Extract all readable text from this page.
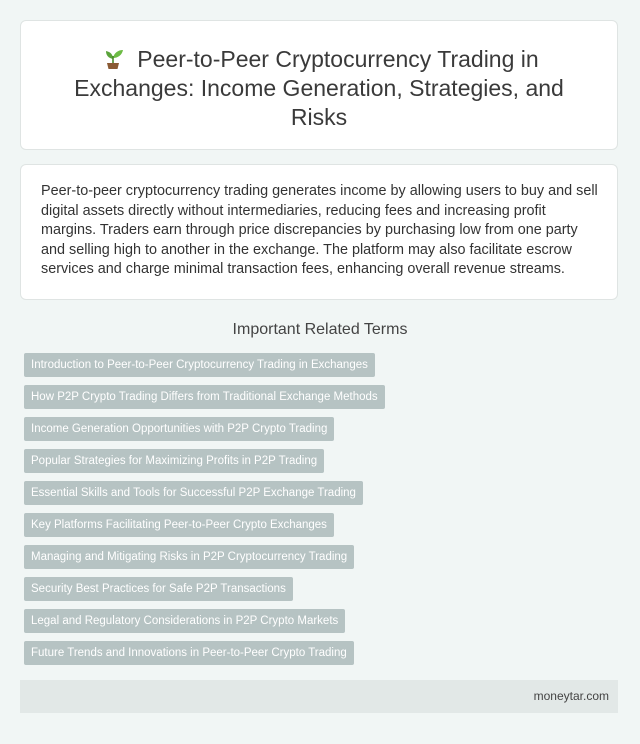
Peer-to-Peer Cryptocurrency Trading in Exchanges: Income Generation, Strategies, and Risks

Peer-to-peer cryptocurrency trading generates income by allowing users to buy and sell digital assets directly without intermediaries, reducing fees and increasing profit margins. Traders earn through price discrepancies by purchasing low from one party and selling high to another in the exchange. The platform may also facilitate escrow services and charge minimal transaction fees, enhancing overall revenue streams.

Important Related Terms
Introduction to Peer-to-Peer Cryptocurrency Trading in Exchanges
How P2P Crypto Trading Differs from Traditional Exchange Methods
Income Generation Opportunities with P2P Crypto Trading
Popular Strategies for Maximizing Profits in P2P Trading
Essential Skills and Tools for Successful P2P Exchange Trading
Key Platforms Facilitating Peer-to-Peer Crypto Exchanges
Managing and Mitigating Risks in P2P Cryptocurrency Trading
Security Best Practices for Safe P2P Transactions
Legal and Regulatory Considerations in P2P Crypto Markets
Future Trends and Innovations in Peer-to-Peer Crypto Trading
moneytar.com
